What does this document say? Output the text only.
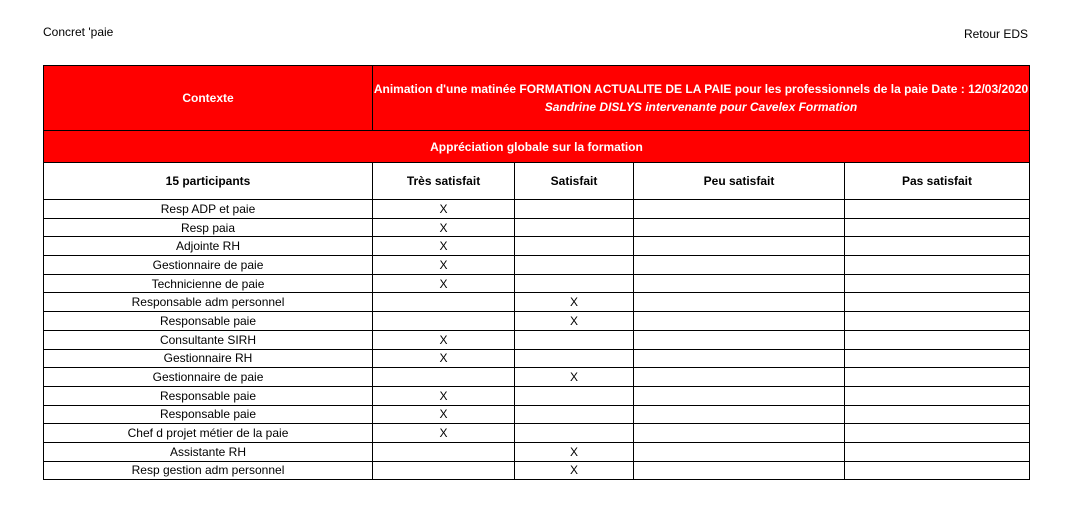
Concret 'paie	Retour EDS
Contexte	Animation d'une matinée FORMATION ACTUALITE DE LA PAIE pour les professionnels de la paie Date : 12/03/2020
Sandrine DISLYS intervenante pour Cavelex Formation			

Appréciation globale sur la formation				
15 participants	Très satisfait	Satisfait	Peu satisfait	Pas satisfait
Resp ADP et paie	X			
Resp paia	X			
Adjointe RH	X			
Gestionnaire de paie	X			
Technicienne de paie	X			
Responsable adm personnel		X		
Responsable paie		X		
Consultante SIRH	X			
Gestionnaire RH	X			
Gestionnaire de paie		X		
Responsable paie	X			
Responsable paie	X			
Chef d projet métier de la paie	X			
Assistante RH		X		
Resp gestion adm personnel		X		
